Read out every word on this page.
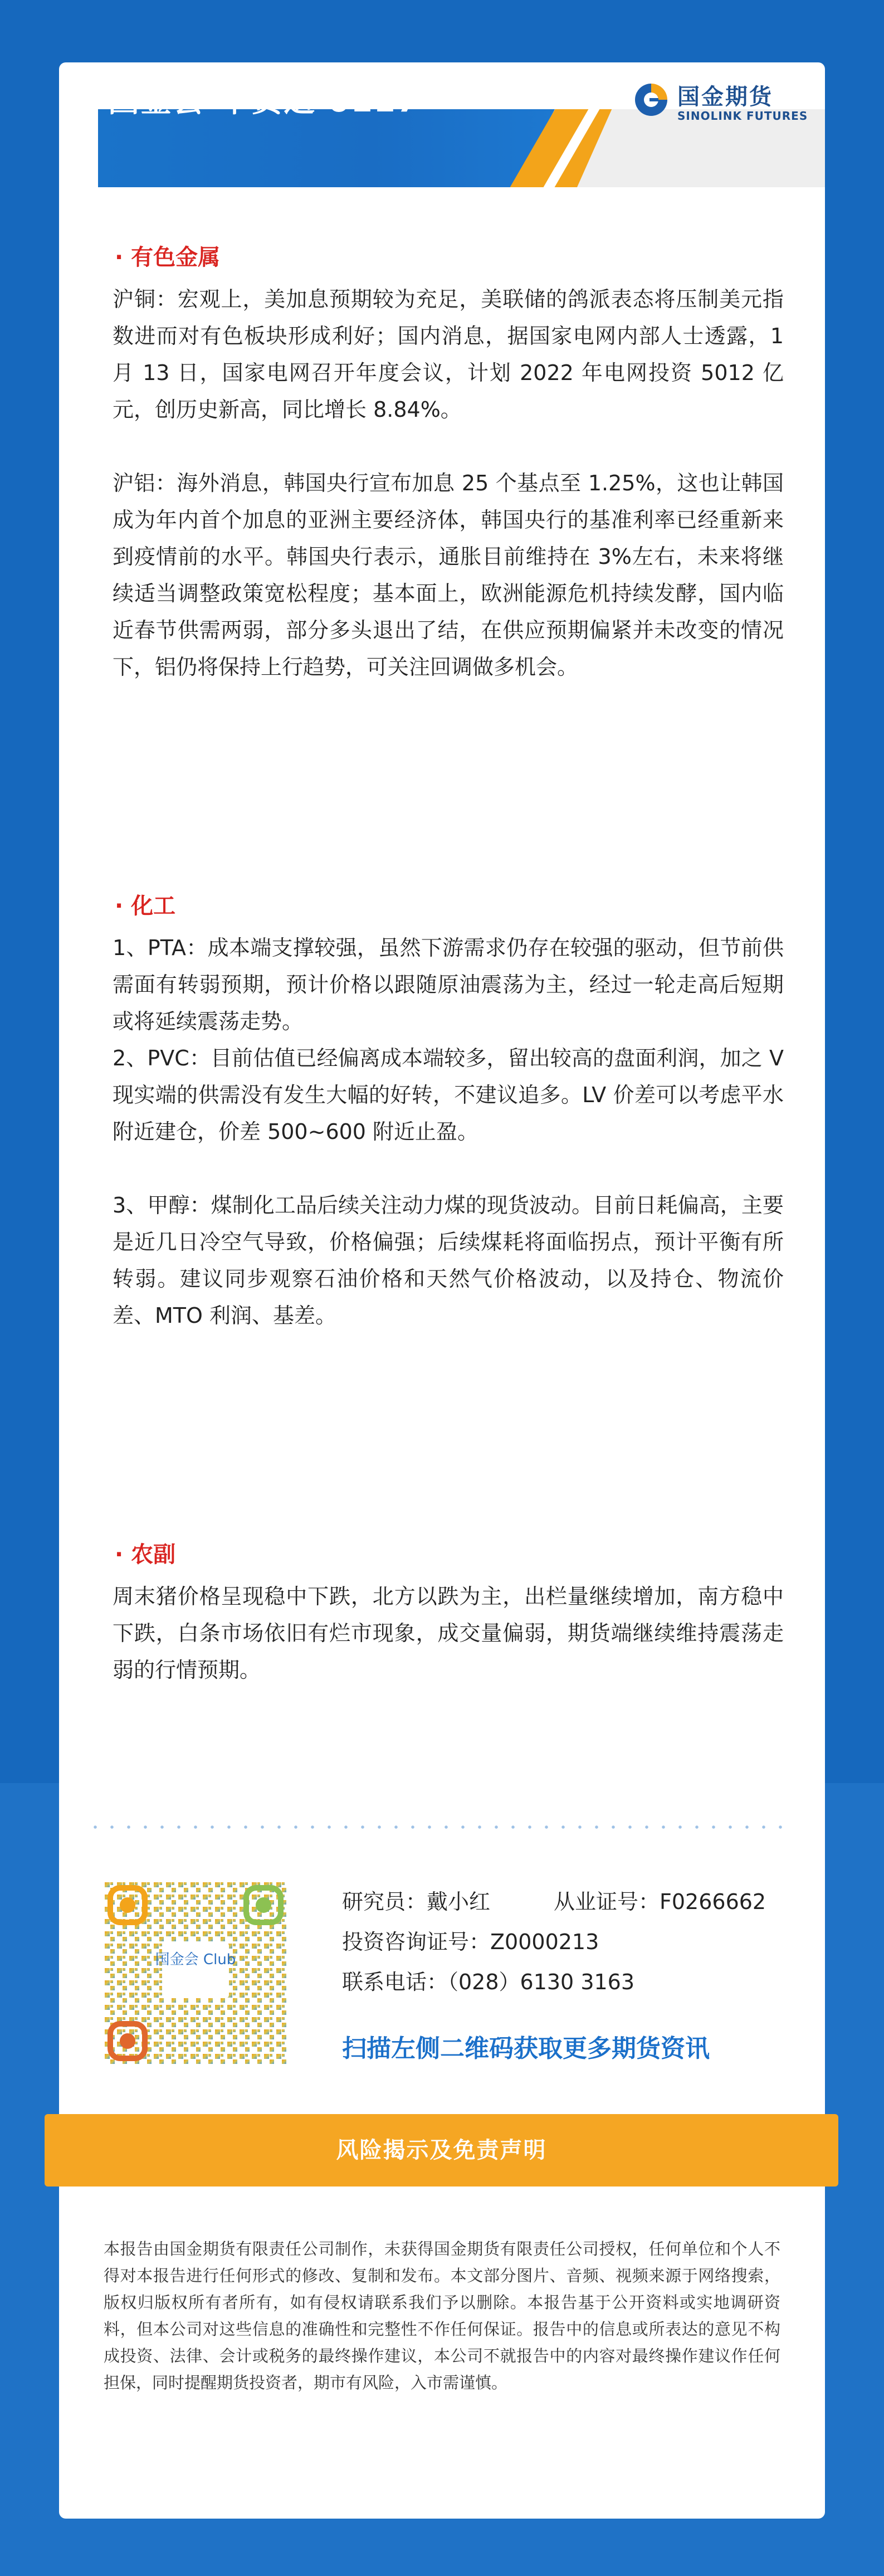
国金会-早资道 0117	国金期货
SINOLINK FUTURES
· 有色金属

沪铜：宏观上，美加息预期较为充足，美联储的鸽派表态将压制美元指数进而对有色板块形成利好；国内消息，据国家电网内部人士透露，1 月 13 日，国家电网召开年度会议，计划 2022 年电网投资 5012 亿元，创历史新高，同比增长 8.84%。

沪铝：海外消息，韩国央行宣布加息 25 个基点至 1.25%，这也让韩国成为年内首个加息的亚洲主要经济体，韩国央行的基准利率已经重新来到疫情前的水平。韩国央行表示，通胀目前维持在 3%左右，未来将继续适当调整政策宽松程度；基本面上，欧洲能源危机持续发酵，国内临近春节供需两弱，部分多头退出了结，在供应预期偏紧并未改变的情况下，铝仍将保持上行趋势，可关注回调做多机会。

· 化工

1、PTA：成本端支撑较强，虽然下游需求仍存在较强的驱动，但节前供需面有转弱预期，预计价格以跟随原油震荡为主，经过一轮走高后短期或将延续震荡走势。

2、PVC：目前估值已经偏离成本端较多，留出较高的盘面利润，加之 V 现实端的供需没有发生大幅的好转，不建议追多。LV 价差可以考虑平水附近建仓，价差 500~600 附近止盈。

3、甲醇：煤制化工品后续关注动力煤的现货波动。目前日耗偏高，主要是近几日冷空气导致，价格偏强；后续煤耗将面临拐点，预计平衡有所转弱。建议同步观察石油价格和天然气价格波动，以及持仓、物流价差、MTO 利润、基差。

· 农副

周末猪价格呈现稳中下跌，北方以跌为主，出栏量继续增加，南方稳中下跌，白条市场依旧有烂市现象，成交量偏弱，期货端继续维持震荡走弱的行情预期。

国金会 Club
研究员：戴小红	从业证号：F0266662
投资咨询证号：Z0000213
联系电话：（028）6130 3163
扫描左侧二维码获取更多期货资讯
风险揭示及免责声明

本报告由国金期货有限责任公司制作，未获得国金期货有限责任公司授权，任何单位和个人不得对本报告进行任何形式的修改、复制和发布。本文部分图片、音频、视频来源于网络搜索，版权归版权所有者所有，如有侵权请联系我们予以删除。本报告基于公开资料或实地调研资料，但本公司对这些信息的准确性和完整性不作任何保证。报告中的信息或所表达的意见不构成投资、法律、会计或税务的最终操作建议，本公司不就报告中的内容对最终操作建议作任何担保，同时提醒期货投资者，期市有风险，入市需谨慎。
